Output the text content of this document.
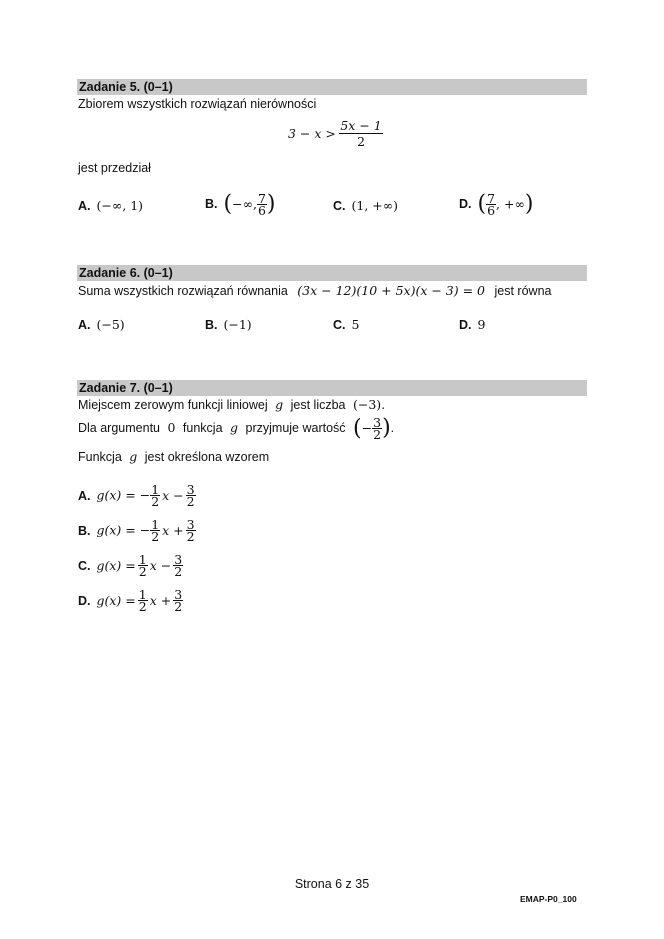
Zadanie 5. (0–1)
Zbiorem wszystkich rozwiązań nierówności
$3 - x > \frac{5x - 1}{2}$
jest przedział
A. (−∞, 1)	B. (−∞, $\frac{7}{6}$ )	C. (1, +∞)	D. ( $\frac{7}{6}$ , +∞)
Zadanie 6. (0–1)
Suma wszystkich rozwiązań równania (3x − 12)(10 + 5x)(x − 3) = 0 jest równa
A. (−5)	B. (−1)	C. 5	D. 9
Zadanie 7. (0–1)
Miejscem zerowym funkcji liniowej g jest liczba (−3).
Dla argumentu 0 funkcja g przyjmuje wartość (− $\frac{3}{2}$ ).
Funkcja g jest określona wzorem
A. g(x) = − $\frac{1}{2}$ $x - \frac{3}{2}$
B. g(x) = − $\frac{1}{2}$ $x + \frac{3}{2}$
C. $g(x) = \frac{1}{2}$ $x - \frac{3}{2}$
D. $g(x) = \frac{1}{2}$ $x + \frac{3}{2}$
Strona 6 z 35
EMAP-P0_100
